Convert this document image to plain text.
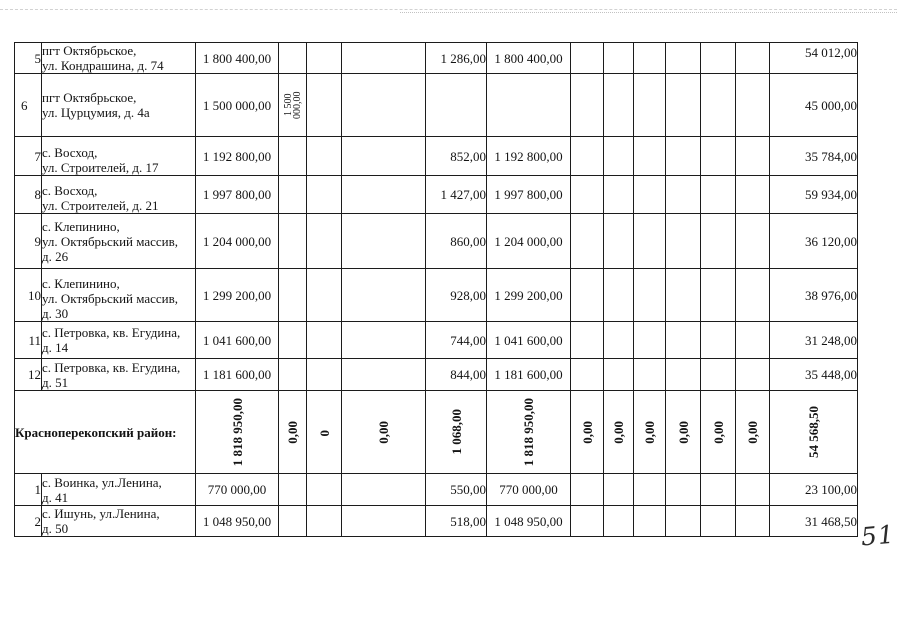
5	пгт Октябрьское,
ул. Кондрашина, д. 74	1 800 400,00				1 286,00	1 800 400,00							54 012,00
6	пгт Октябрьское,
ул. Цурцумия, д. 4а	1 500 000,00	1 500 000,00											45 000,00
7	с. Восход,
ул. Строителей, д. 17	1 192 800,00				852,00	1 192 800,00							35 784,00
8	с. Восход,
ул. Строителей, д. 21	1 997 800,00				1 427,00	1 997 800,00							59 934,00
9	с. Клепинино,
ул. Октябрьский массив,
д. 26	1 204 000,00				860,00	1 204 000,00							36 120,00
10	с. Клепинино,
ул. Октябрьский массив,
д. 30	1 299 200,00				928,00	1 299 200,00							38 976,00
11	с. Петровка, кв. Егудина,
д. 14	1 041 600,00				744,00	1 041 600,00							31 248,00
12	с. Петровка, кв. Егудина,
д. 51	1 181 600,00				844,00	1 181 600,00							35 448,00
Красноперекопский район:		1 818 950,00	0,00	0	0,00	1 068,00	1 818 950,00	0,00	0,00	0,00	0,00	0,00	0,00	54 568,50
1	с. Воинка, ул.Ленина,
д. 41	770 000,00				550,00	770 000,00							23 100,00
2	с. Ишунь, ул.Ленина,
д. 50	1 048 950,00				518,00	1 048 950,00							31 468,50 51
